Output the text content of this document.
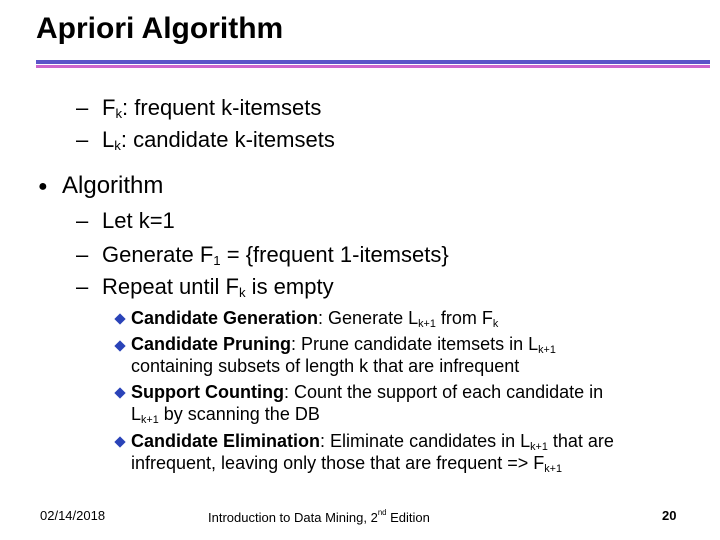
Apriori Algorithm
– $F_k$: frequent k-itemsets
– $L_k$: candidate k-itemsets
● Algorithm
– Let k=1
– Generate $F_1$ = {frequent 1-itemsets}
– Repeat until $F_k$ is empty
Candidate Generation: Generate $L_{k+1}$ from $F_k$
Candidate Pruning: Prune candidate itemsets in $L_{k+1}$
containing subsets of length k that are infrequent
Support Counting: Count the support of each candidate in
$L_{k+1}$ by scanning the DB
Candidate Elimination: Eliminate candidates in $L_{k+1}$ that are
infrequent, leaving only those that are frequent => $F_{k+1}$
02/14/2018	Introduction to Data Mining, 2nd Edition	20
